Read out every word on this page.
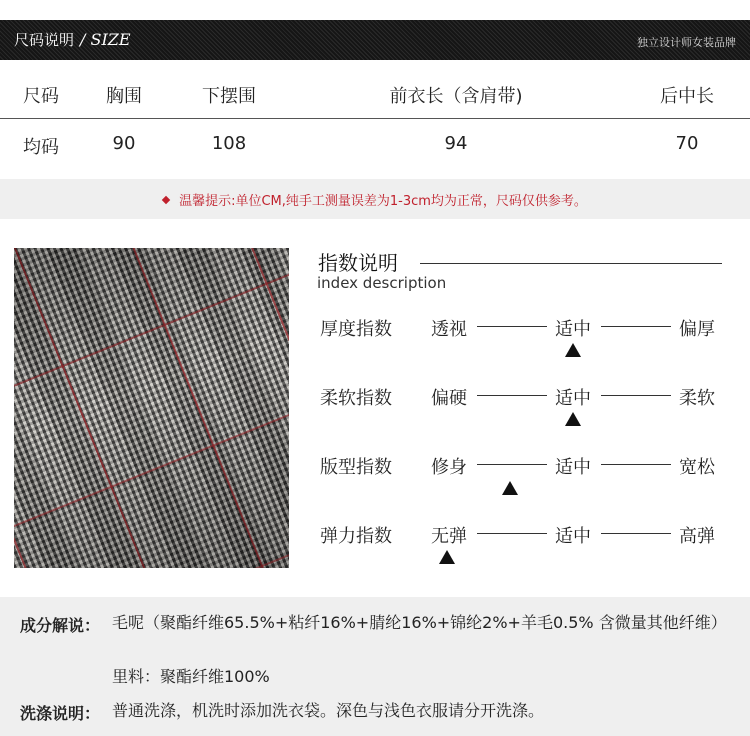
尺码说明 / SIZE	独立设计师女装品牌
尺码	胸围	下摆围	前衣长（含肩带)	后中长
均码	90	108	94	70
温馨提示:单位CM,纯手工测量误差为1-3cm均为正常，尺码仅供参考。
指数说明
index description
厚度指数 透视	适中	偏厚
柔软指数 偏硬	适中	柔软
版型指数 修身	适中	宽松
弹力指数 无弹	适中	高弹
成分解说： 毛呢（聚酯纤维65.5%+粘纤16%+腈纶16%+锦纶2%+羊毛0.5% 含微量其他纤维）
里料：聚酯纤维100%
洗涤说明： 普通洗涤，机洗时添加洗衣袋。深色与浅色衣服请分开洗涤。
